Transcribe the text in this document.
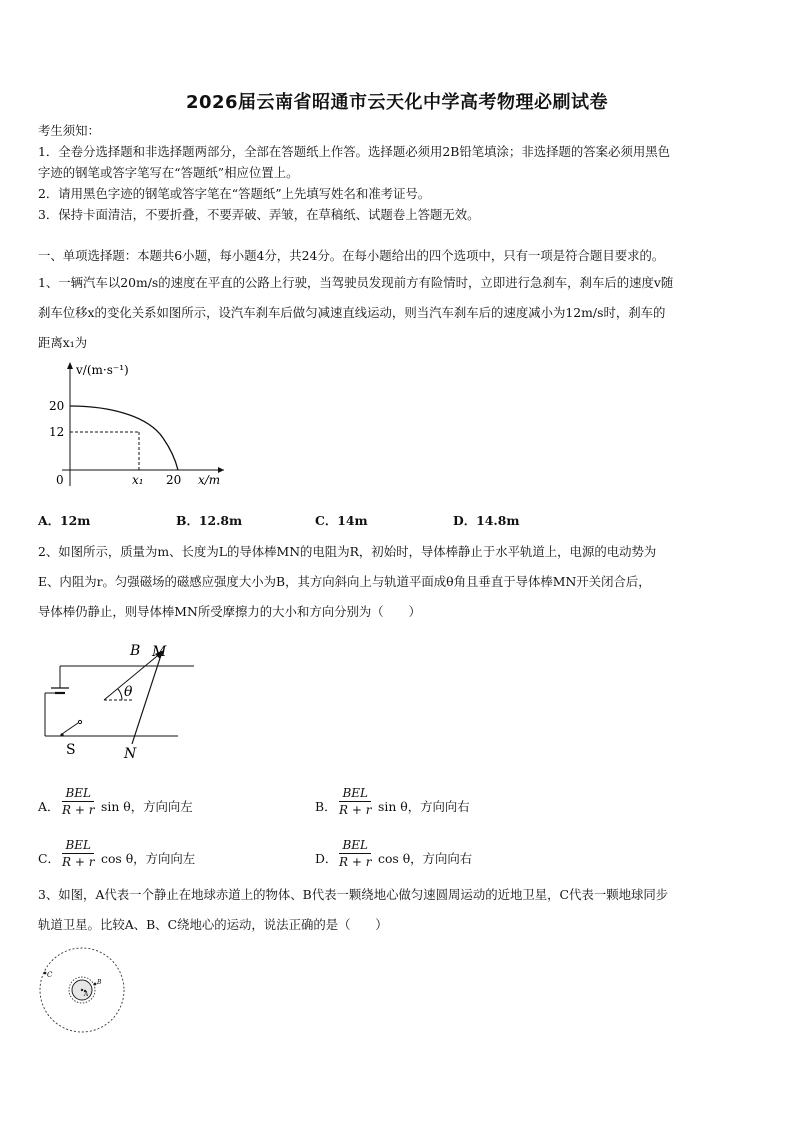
2026届云南省昭通市云天化中学高考物理必刷试卷
考生须知：
1．全卷分选择题和非选择题两部分，全部在答题纸上作答。选择题必须用2B铅笔填涂；非选择题的答案必须用黑色
字迹的钢笔或答字笔写在“答题纸”相应位置上。
2．请用黑色字迹的钢笔或答字笔在“答题纸”上先填写姓名和准考证号。
3．保持卡面清洁，不要折叠，不要弄破、弄皱，在草稿纸、试题卷上答题无效。
一、单项选择题：本题共6小题，每小题4分，共24分。在每小题给出的四个选项中，只有一项是符合题目要求的。
1、一辆汽车以20m/s的速度在平直的公路上行驶，当驾驶员发现前方有险情时，立即进行急刹车，刹车后的速度v随
刹车位移x的变化关系如图所示，设汽车刹车后做匀减速直线运动，则当汽车刹车后的速度减小为12m/s时，刹车的
距离x₁为
v/(m·s⁻¹)
20
12
0	x₁ 20 x/m
A．12m	B．12.8m	C．14m	D．14.8m
2、如图所示，质量为m、长度为L的导体棒MN的电阻为R，初始时，导体棒静止于水平轨道上，电源的电动势为
E、内阻为r。匀强磁场的磁感应强度大小为B，其方向斜向上与轨道平面成θ角且垂直于导体棒MN开关闭合后，
导体棒仍静止，则导体棒MN所受摩擦力的大小和方向分别为（　　）
B M
θ
S	N
A．
BEL
R + r sin θ，方向向左	B．
BEL
R + r sin θ，方向向右
C．
BEL
R + r cos θ，方向向左	D．
BEL
R + r cos θ，方向向右
3、如图，A代表一个静止在地球赤道上的物体、B代表一颗绕地心做匀速圆周运动的近地卫星，C代表一颗地球同步
轨道卫星。比较A、B、C绕地心的运动，说法正确的是（　　）
A
B
C
